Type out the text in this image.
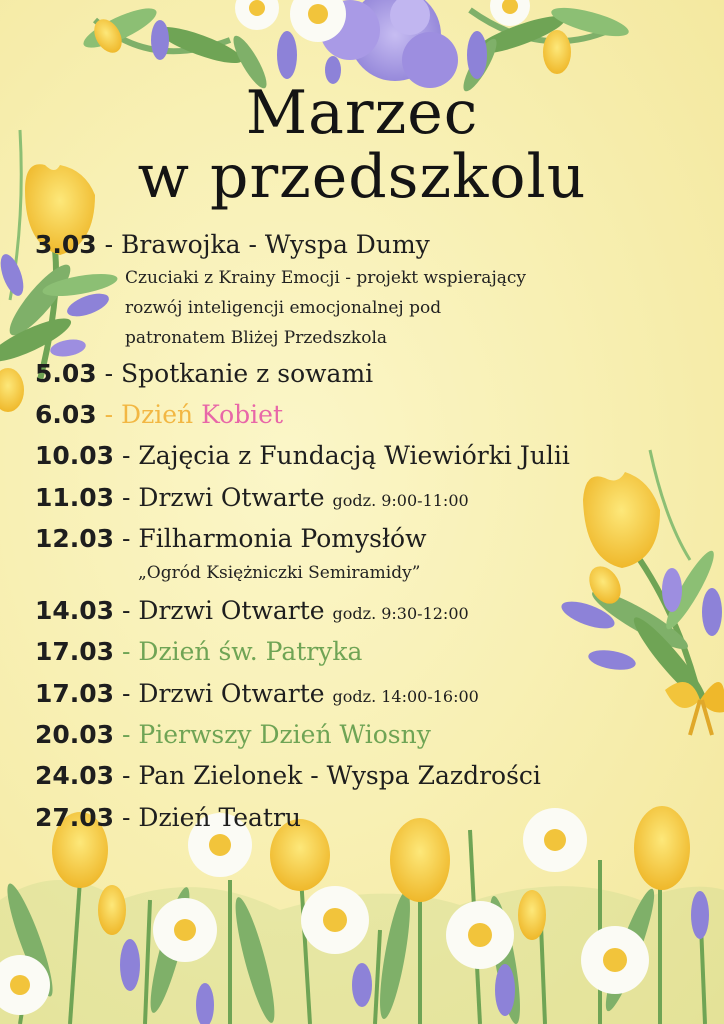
Marzec
w przedszkolu
3.03 - Brawojka - Wyspa Dumy
Czuciaki z Krainy Emocji - projekt wspierający
rozwój inteligencji emocjonalnej pod
patronatem Bliżej Przedszkola
5.03 - Spotkanie z sowami
6.03 - Dzień Kobiet
10.03 - Zajęcia z Fundacją Wiewiórki Julii
11.03 - Drzwi Otwarte godz. 9:00-11:00
12.03 - Filharmonia Pomysłów
„Ogród Księżniczki Semiramidy”
14.03 - Drzwi Otwarte godz. 9:30-12:00
17.03 - Dzień św. Patryka
17.03 - Drzwi Otwarte godz. 14:00-16:00
20.03 - Pierwszy Dzień Wiosny
24.03 - Pan Zielonek - Wyspa Zazdrości
27.03 - Dzień Teatru
